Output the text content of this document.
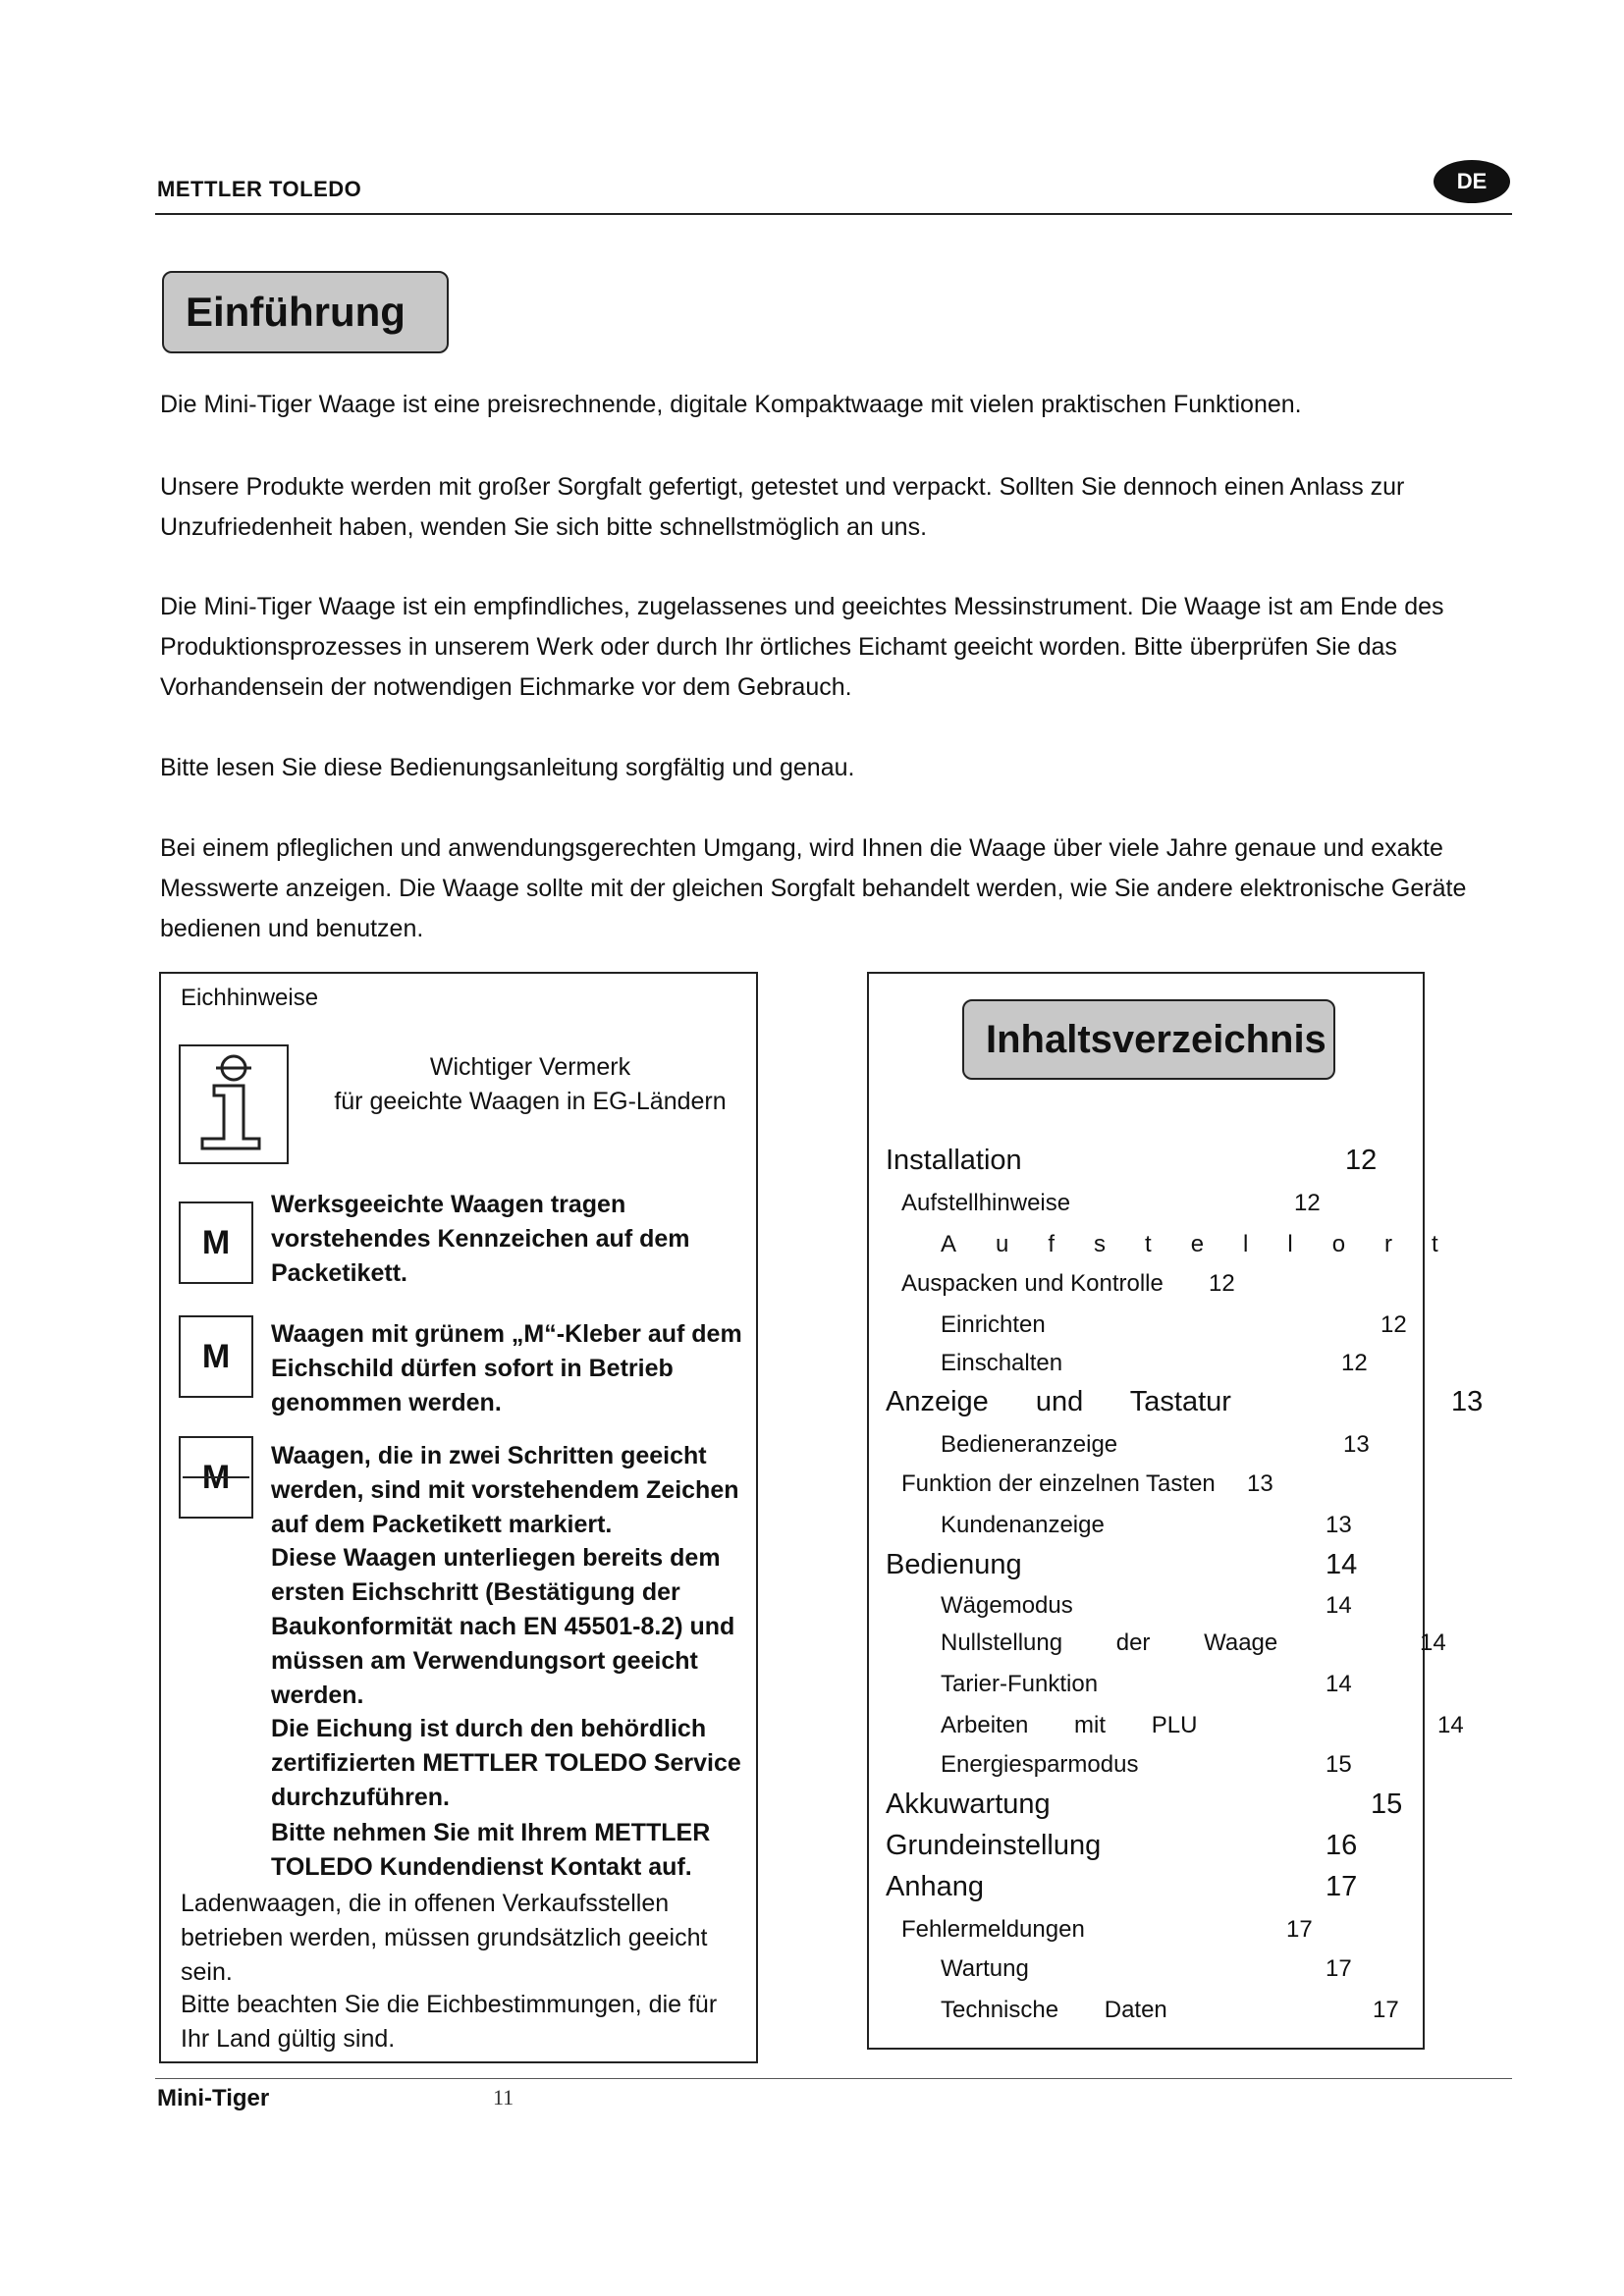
METTLER TOLEDO	DE
Einführung
Die Mini-Tiger Waage ist eine preisrechnende, digitale Kompaktwaage mit vielen praktischen Funktionen.
Unsere Produkte werden mit großer Sorgfalt gefertigt, getestet und verpackt. Sollten Sie dennoch einen Anlass zur Unzufriedenheit haben, wenden Sie sich bitte schnellstmöglich an uns.
Die Mini-Tiger Waage ist ein empfindliches, zugelassenes und geeichtes Messinstrument. Die Waage ist am Ende des Produktionsprozesses in unserem Werk oder durch Ihr örtliches Eichamt geeicht worden. Bitte überprüfen Sie das Vorhandensein der notwendigen Eichmarke vor dem Gebrauch.
Bitte lesen Sie diese Bedienungsanleitung sorgfältig und genau.
Bei einem pfleglichen und anwendungsgerechten Umgang, wird Ihnen die Waage über viele Jahre genaue und exakte Messwerte anzeigen. Die Waage sollte mit der gleichen Sorgfalt behandelt werden, wie Sie andere elektronische Geräte bedienen und benutzen.
Eichhinweise
Wichtiger Vermerk
für geeichte Waagen in EG-Ländern
M
Werksgeeichte Waagen tragen vorstehendes Kennzeichen auf dem Packetikett.
M
Waagen mit grünem „M“-Kleber auf dem Eichschild dürfen sofort in Betrieb genommen werden.
M
Waagen, die in zwei Schritten geeicht werden, sind mit vorstehendem Zeichen auf dem Packetikett markiert.
Diese Waagen unterliegen bereits dem ersten Eichschritt (Bestätigung der Baukonformität nach EN 45501-8.2) und müssen am Verwendungsort geeicht werden.
Die Eichung ist durch den behördlich zertifizierten METTLER TOLEDO Service durchzuführen.
Bitte nehmen Sie mit Ihrem METTLER TOLEDO Kundendienst Kontakt auf.
Ladenwaagen, die in offenen Verkaufsstellen betrieben werden, müssen grundsätzlich geeicht sein.
Bitte beachten Sie die Eichbestimmungen, die für Ihr Land gültig sind.
Inhaltsverzeichnis
Installation	12
Aufstellhinweise	12
Aufstellort
Auspacken und Kontrolle 12
Einrichten	12
Einschalten	12
Anzeige und Tastatur	13
Bedieneranzeige	13
Funktion der einzelnen Tasten 13
Kundenanzeige	13
Bedienung	14
Wägemodus	14
Nullstellung der Waage	14
Tarier-Funktion	14
Arbeiten mit PLU	14
Energiesparmodus	15
Akkuwartung	15
Grundeinstellung	16
Anhang	17
Fehlermeldungen	17
Wartung	17
Technische Daten	17
Mini-Tiger	11
